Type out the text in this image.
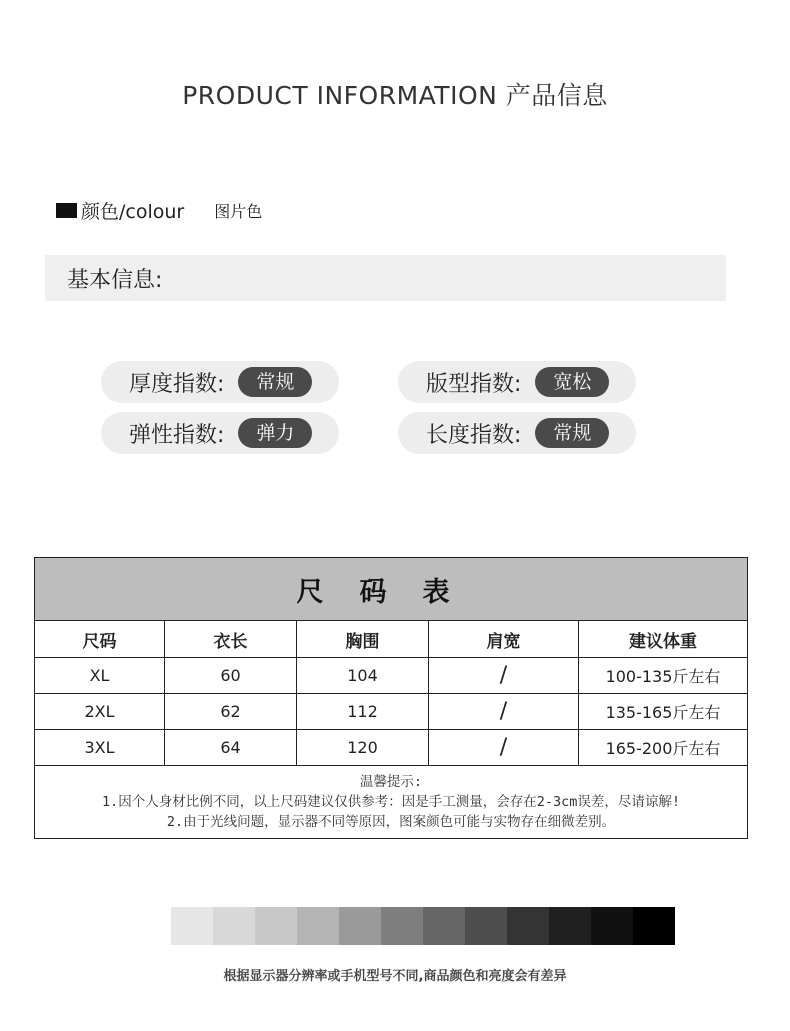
PRODUCT INFORMATION 产品信息
颜色/colour 图片色
基本信息:
厚度指数:	常规	版型指数:	宽松
弹性指数:	弹力	长度指数:	常规
尺码表				
尺码	衣长	胸围	肩宽	建议体重
XL	60	104	/	100-135斤左右
2XL	62	112	/	135-165斤左右
3XL	64	120	/	165-200斤左右

温馨提示:
1.因个人身材比例不同，以上尺码建议仅供参考：因是手工测量，会存在2-3cm误差，尽请谅解!
2.由于光线问题，显示器不同等原因，图案颜色可能与实物存在细微差别。				
根据显示器分辨率或手机型号不同,商品颜色和亮度会有差异
